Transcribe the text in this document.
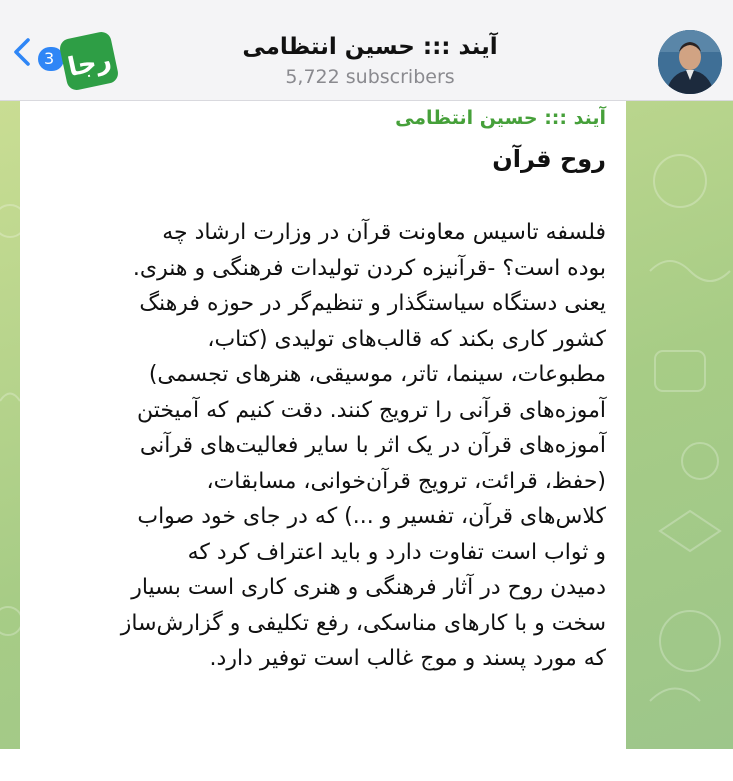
3 رجا	آیند ::: حسین انتظامی
5,722 subscribers
آیند ::: حسین انتظامی
روح قرآن
فلسفه تاسیس معاونت قرآن در وزارت ارشاد چه
بوده است؟ -قرآنیزه کردن تولیدات فرهنگی و هنری.
یعنی دستگاه سیاستگذار و تنظیم‌گر در حوزه فرهنگ
کشور کاری بکند که قالب‌های تولیدی (کتاب،
مطبوعات، سینما، تاتر، موسیقی، هنرهای تجسمی)
آموزه‌های قرآنی را ترویج کنند. دقت کنیم که آمیختن
آموزه‌های قرآن در یک اثر با سایر فعالیت‌های قرآنی
(حفظ، قرائت، ترویج قرآن‌خوانی، مسابقات،
کلاس‌های قرآن، تفسیر و ...) که در جای خود صواب
و ثواب است تفاوت دارد و باید اعتراف کرد که
دمیدن روح در آثار فرهنگی و هنری کاری است بسیار
سخت و با کارهای مناسکی، رفع تکلیفی و گزارش‌ساز
که مورد پسند و موج غالب است توفیر دارد.
